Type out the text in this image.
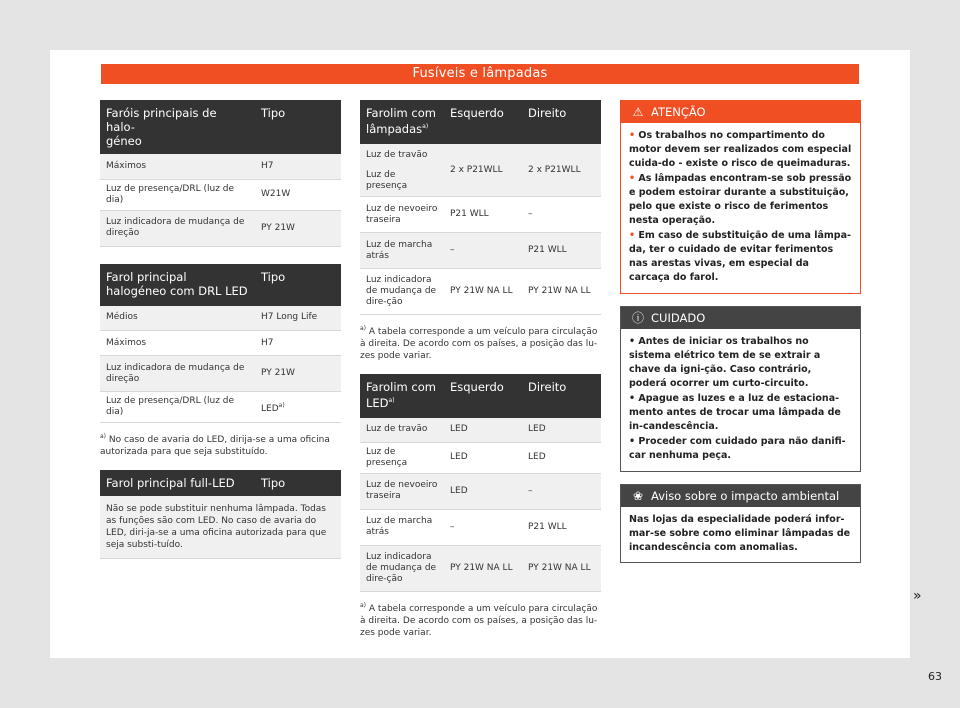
Fusíveis e lâmpadas
Faróis principais de halo-
géneo	Tipo
Máximos	H7
Luz de presença/DRL (luz de dia)	W21W
Luz indicadora de mudança de direção	PY 21W
Farol principal halogéneo com DRL LED	Tipo
Médios	H7 Long Life
Máximos	H7
Luz indicadora de mudança de direção	PY 21W
Luz de presença/DRL (luz de dia)	LED$^{a)}$
$^{a)}$ No caso de avaria do LED, dirija-se a uma oficina autorizada para que seja substituído.
Farol principal full-LED	Tipo
Não se pode substituir nenhuma lâmpada. Todas as funções são com LED. No caso de avaria do LED, diri-ja-se a uma oficina autorizada para que seja substi-tuído.
Farolim com lâmpadas$^{a)}$	Esquerdo	Direito
Luz de travão	2 x P21WLL	2 x P21WLL
Luz de presença		
Luz de nevoeiro traseira	P21 WLL	–
Luz de marcha atrás	–	P21 WLL
Luz indicadora de mudança de dire-ção	PY 21W NA LL	PY 21W NA LL
$^{a)}$ A tabela corresponde a um veículo para circulação à direita. De acordo com os países, a posição das lu-zes pode variar.
Farolim com LED$^{a)}$	Esquerdo	Direito
Luz de travão	LED	LED
Luz de presença	LED	LED
Luz de nevoeiro traseira	LED	–
Luz de marcha atrás	–	P21 WLL
Luz indicadora de mudança de dire-ção	PY 21W NA LL	PY 21W NA LL
$^{a)}$ A tabela corresponde a um veículo para circulação à direita. De acordo com os países, a posição das lu-zes pode variar.
⚠ ATENÇÃO

• Os trabalhos no compartimento do motor devem ser realizados com especial cuida-do - existe o risco de queimaduras.

• As lâmpadas encontram-se sob pressão e podem estoirar durante a substituição, pelo que existe o risco de ferimentos nesta operação.

• Em caso de substituição de uma lâmpa-da, ter o cuidado de evitar ferimentos nas arestas vivas, em especial da carcaça do farol.

ⓘ CUIDADO

• Antes de iniciar os trabalhos no sistema elétrico tem de se extrair a chave da igni-ção. Caso contrário, poderá ocorrer um curto-circuito.

• Apague as luzes e a luz de estaciona-mento antes de trocar uma lâmpada de in-candescência.

• Proceder com cuidado para não danifi-car nenhuma peça.

❀ Aviso sobre o impacto ambiental
Nas lojas da especialidade poderá infor-mar-se sobre como eliminar lâmpadas de incandescência com anomalias.
»
63
